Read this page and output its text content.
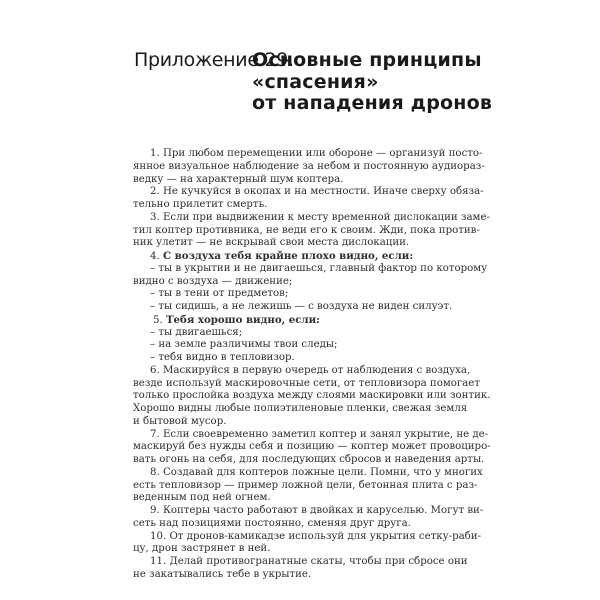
Приложение 29.
Основные принципы
«спасения»
от нападения дронов
1. При любом перемещении или обороне — организуй посто-
янное визуальное наблюдение за небом и постоянную аудиораз-
ведку — на характерный шум коптера.
2. Не кучкуйся в окопах и на местности. Иначе сверху обяза-
тельно прилетит смерть.
3. Если при выдвижении к месту временной дислокации заме-
тил коптер противника, не веди его к своим. Жди, пока против-
ник улетит — не вскрывай свои места дислокации.
4. С воздуха тебя крайне плохо видно, если:
– ты в укрытии и не двигаешься, главный фактор по которому
видно с воздуха — движение;
– ты в тени от предметов;
– ты сидишь, а не лежишь — с воздуха не виден силуэт.
5. Тебя хорошо видно, если:
– ты двигаешься;
– на земле различимы твои следы;
– тебя видно в тепловизор.
6. Маскируйся в первую очередь от наблюдения с воздуха,
везде используй маскировочные сети, от тепловизора помогает
только прослойка воздуха между слоями маскировки или зонтик.
Хорошо видны любые полиэтиленовые пленки, свежая земля
и бытовой мусор.
7. Если своевременно заметил коптер и занял укрытие, не де-
маскируй без нужды себя и позицию — коптер может провоциро-
вать огонь на себя, для последующих сбросов и наведения арты.
8. Создавай для коптеров ложные цели. Помни, что у многих
есть тепловизор — пример ложной цели, бетонная плита с раз-
веденным под ней огнем.
9. Коптеры часто работают в двойках и каруселью. Могут ви-
сеть над позициями постоянно, сменяя друг друга.
10. От дронов-камикадзе используй для укрытия сетку-раби-
цу, дрон застрянет в ней.
11. Делай противогранатные скаты, чтобы при сбросе они
не закатывались тебе в укрытие.
